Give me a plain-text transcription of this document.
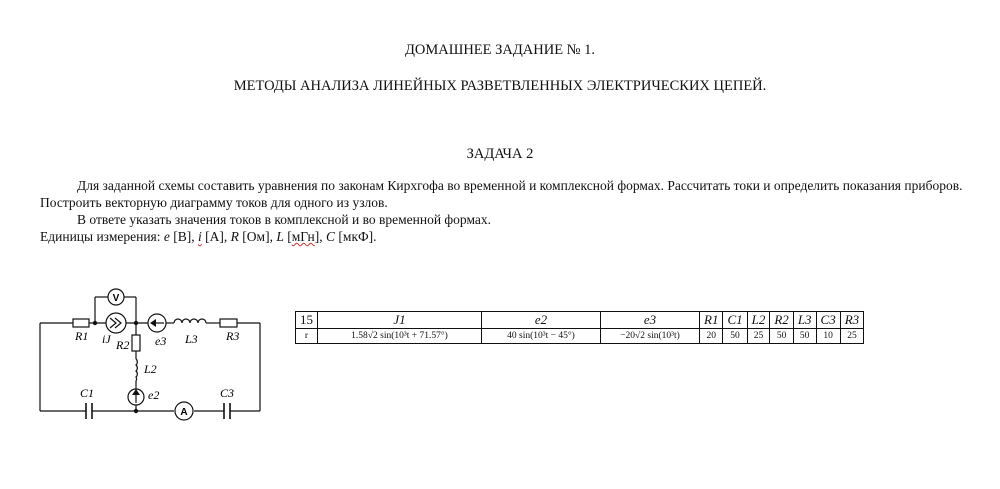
ДОМАШНЕЕ ЗАДАНИЕ № 1.
МЕТОДЫ АНАЛИЗА ЛИНЕЙНЫХ РАЗВЕТВЛЕННЫХ ЭЛЕКТРИЧЕСКИХ ЦЕПЕЙ.
ЗАДАЧА 2
Для заданной схемы составить уравнения по законам Кирхгофа во временной и комплексной формах. Рассчитать токи и определить показания приборов. Построить векторную диаграмму токов для одного из узлов.
В ответе указать значения токов в комплексной и во временной формах.
Единицы измерения: e [В], i [А], R [Ом], L [мГн], C [мкФ].
V
A
R1	R3
R2
iJ	e3 L3
L2
e2
C1	C3
15	J1	e2	e3	R1	C1	L2	R2	L3	C3	R3
r	1.58√2 sin(10³t + 71.57°)	40 sin(10³t − 45°)	−20√2 sin(10³t)	20	50	25	50	50	10	25
